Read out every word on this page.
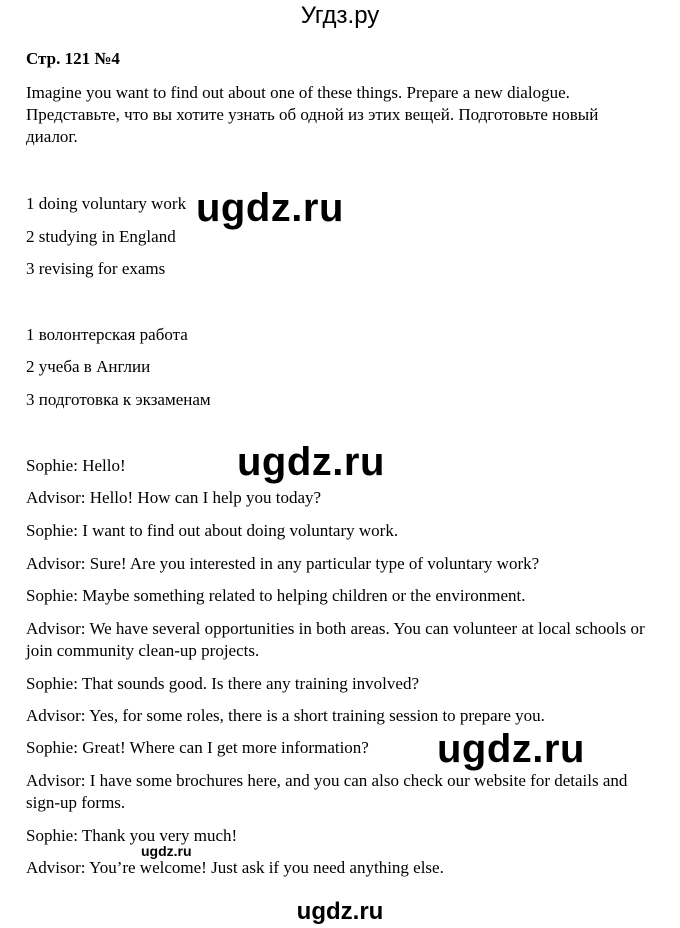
Угдз.ру
Стр. 121 №4
Imagine you want to find out about one of these things. Prepare a new dialogue.
Представьте, что вы хотите узнать об одной из этих вещей. Подготовьте новый диалог.
1 doing voluntary work
2 studying in England
3 revising for exams
1 волонтерская работа
2 учеба в Англии
3 подготовка к экзаменам
Sophie: Hello!
Advisor: Hello! How can I help you today?
Sophie: I want to find out about doing voluntary work.
Advisor: Sure! Are you interested in any particular type of voluntary work?
Sophie: Maybe something related to helping children or the environment.
Advisor: We have several opportunities in both areas. You can volunteer at local schools or join community clean-up projects.
Sophie: That sounds good. Is there any training involved?
Advisor: Yes, for some roles, there is a short training session to prepare you.
Sophie: Great! Where can I get more information?
Advisor: I have some brochures here, and you can also check our website for details and sign-up forms.
Sophie: Thank you very much!
Advisor: You’re welcome! Just ask if you need anything else.
ugdz.ru
ugdz.ru
ugdz.ru
ugdz.ru
ugdz.ru
